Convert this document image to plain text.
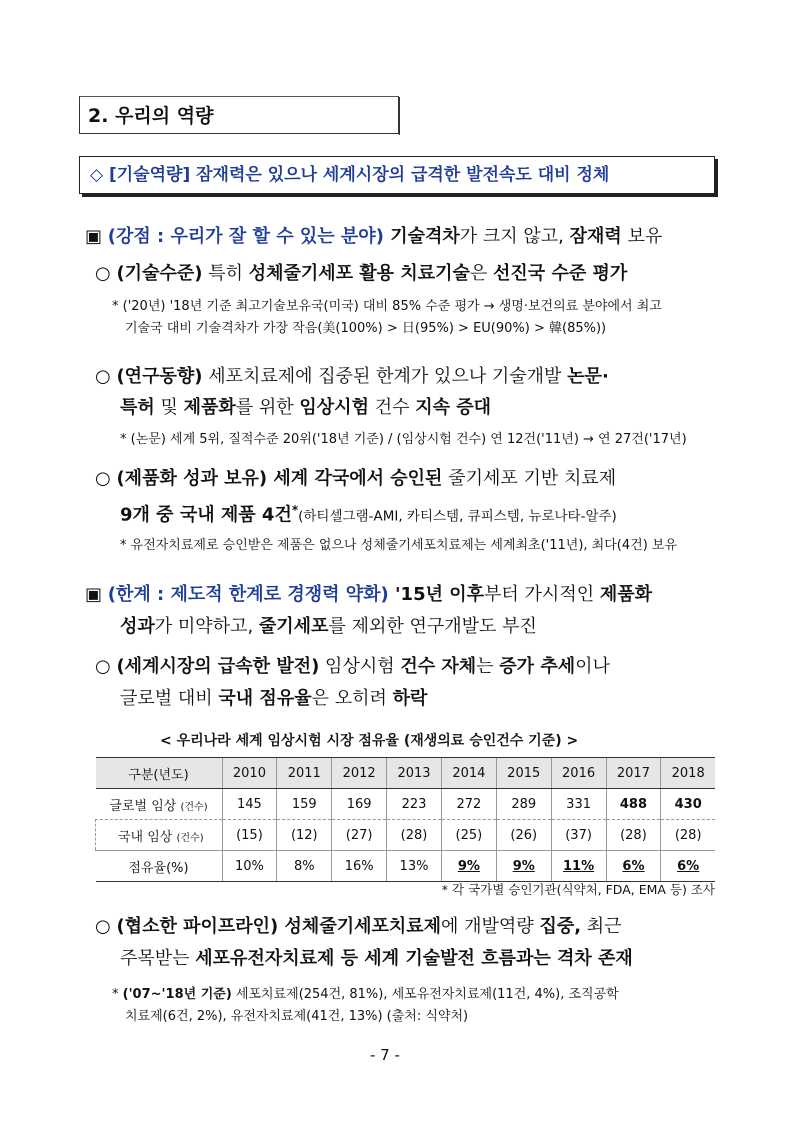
2. 우리의 역량
◇ [기술역량] 잠재력은 있으나 세계시장의 급격한 발전속도 대비 정체
▣ (강점 : 우리가 잘 할 수 있는 분야) 기술격차가 크지 않고, 잠재력 보유
○ (기술수준) 특히 성체줄기세포 활용 치료기술은 선진국 수준 평가
* ('20년) '18년 기준 최고기술보유국(미국) 대비 85% 수준 평가 → 생명·보건의료 분야에서 최고
기술국 대비 기술격차가 가장 작음(美(100%) > 日(95%) > EU(90%) > 韓(85%))
○ (연구동향) 세포치료제에 집중된 한계가 있으나 기술개발 논문·
특허 및 제품화를 위한 임상시험 건수 지속 증대
* (논문) 세계 5위, 질적수준 20위('18년 기준) / (임상시험 건수) 연 12건('11년) → 연 27건('17년)
○ (제품화 성과 보유) 세계 각국에서 승인된 줄기세포 기반 치료제
9개 중 국내 제품 4건*(하티셀그램-AMI, 카티스템, 큐피스템, 뉴로나타-알주)
* 유전자치료제로 승인받은 제품은 없으나 성체줄기세포치료제는 세계최초('11년), 최다(4건) 보유
▣ (한계 : 제도적 한계로 경쟁력 약화) '15년 이후부터 가시적인 제품화
성과가 미약하고, 줄기세포를 제외한 연구개발도 부진
○ (세계시장의 급속한 발전) 임상시험 건수 자체는 증가 추세이나
글로벌 대비 국내 점유율은 오히려 하락
< 우리나라 세계 임상시험 시장 점유율 (재생의료 승인건수 기준) >
구분(년도)	2010	2011	2012	2013	2014	2015	2016	2017	2018
글로벌 임상 (건수)	145	159	169	223	272	289	331	488	430
국내 임상 (건수)	(15)	(12)	(27)	(28)	(25)	(26)	(37)	(28)	(28)
점유율(%)	10%	8%	16%	13%	9%	9%	11%	6%	6%
* 각 국가별 승인기관(식약처, FDA, EMA 등) 조사
○ (협소한 파이프라인) 성체줄기세포치료제에 개발역량 집중, 최근
주목받는 세포유전자치료제 등 세계 기술발전 흐름과는 격차 존재
* ('07~'18년 기준) 세포치료제(254건, 81%), 세포유전자치료제(11건, 4%), 조직공학
치료제(6건, 2%), 유전자치료제(41건, 13%) (출처: 식약처)
- 7 -
